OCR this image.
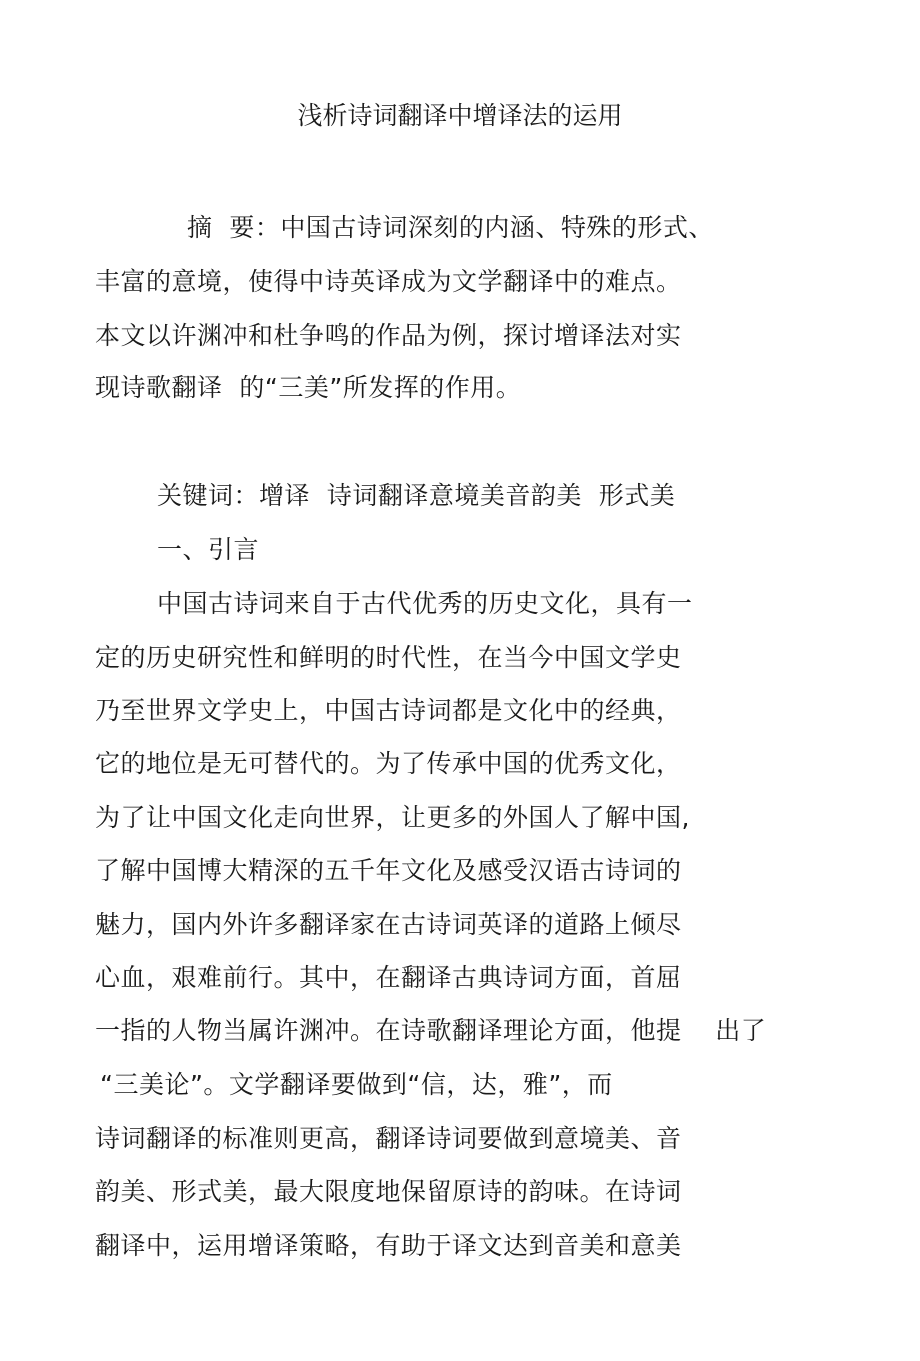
浅析诗词翻译中增译法的运用
摘  要：中国古诗词深刻的内涵、特殊的形式、
丰富的意境，使得中诗英译成为文学翻译中的难点。
本文以许渊冲和杜争鸣的作品为例，探讨增译法对实
现诗歌翻译  的“三美”所发挥的作用。
关键词：增译  诗词翻译意境美音韵美  形式美
一、引言
中国古诗词来自于古代优秀的历史文化，具有一
定的历史研究性和鲜明的时代性，在当今中国文学史
乃至世界文学史上，中国古诗词都是文化中的经典，
它的地位是无可替代的。为了传承中国的优秀文化，
为了让中国文化走向世界，让更多的外国人了解中国,
了解中国博大精深的五千年文化及感受汉语古诗词的
魅力，国内外许多翻译家在古诗词英译的道路上倾尽
心血，艰难前行。其中，在翻译古典诗词方面，首屈
一指的人物当属许渊冲。在诗歌翻译理论方面，他提    出了
“三美论”。文学翻译要做到“信，达，雅”，而
诗词翻译的标准则更高，翻译诗词要做到意境美、音
韵美、形式美，最大限度地保留原诗的韵味。在诗词
翻译中，运用增译策略，有助于译文达到音美和意美
